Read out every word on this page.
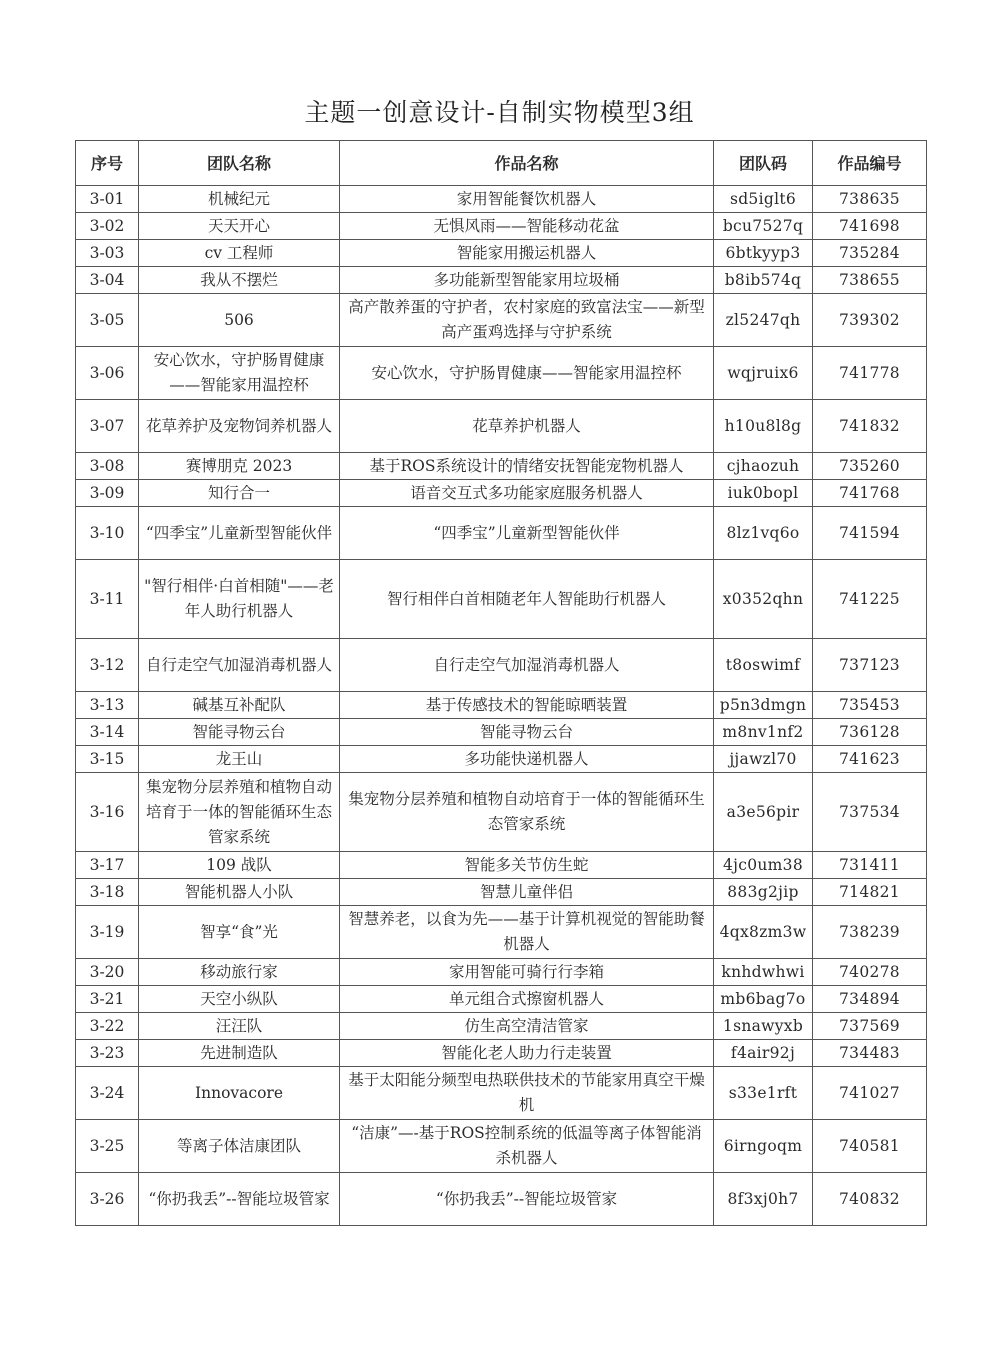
主题一创意设计-自制实物模型3组
序号	团队名称	作品名称	团队码	作品编号
3-01	机械纪元	家用智能餐饮机器人	sd5iglt6	738635
3-02	天天开心	无惧风雨——智能移动花盆	bcu7527q	741698
3-03	cv 工程师	智能家用搬运机器人	6btkyyp3	735284
3-04	我从不摆烂	多功能新型智能家用垃圾桶	b8ib574q	738655
3-05	506	高产散养蛋的守护者，农村家庭的致富法宝——新型高产蛋鸡选择与守护系统	zl5247qh	739302
3-06	安心饮水，守护肠胃健康——智能家用温控杯	安心饮水，守护肠胃健康——智能家用温控杯	wqjruix6	741778
3-07	花草养护及宠物饲养机器人	花草养护机器人	h10u8l8g	741832
3-08	赛博朋克 2023	基于ROS系统设计的情绪安抚智能宠物机器人	cjhaozuh	735260
3-09	知行合一	语音交互式多功能家庭服务机器人	iuk0bopl	741768
3-10	“四季宝”儿童新型智能伙伴	“四季宝”儿童新型智能伙伴	8lz1vq6o	741594
3-11	"智行相伴·白首相随"——老年人助行机器人	智行相伴白首相随老年人智能助行机器人	x0352qhn	741225
3-12	自行走空气加湿消毒机器人	自行走空气加湿消毒机器人	t8oswimf	737123
3-13	碱基互补配队	基于传感技术的智能晾晒装置	p5n3dmgn	735453
3-14	智能寻物云台	智能寻物云台	m8nv1nf2	736128
3-15	龙王山	多功能快递机器人	jjawzl70	741623
3-16	集宠物分层养殖和植物自动培育于一体的智能循环生态管家系统	集宠物分层养殖和植物自动培育于一体的智能循环生态管家系统	a3e56pir	737534
3-17	109 战队	智能多关节仿生蛇	4jc0um38	731411
3-18	智能机器人小队	智慧儿童伴侣	883g2jip	714821
3-19	智享“食”光	智慧养老，以食为先——基于计算机视觉的智能助餐机器人	4qx8zm3w	738239
3-20	移动旅行家	家用智能可骑行行李箱	knhdwhwi	740278
3-21	天空小纵队	单元组合式擦窗机器人	mb6bag7o	734894
3-22	汪汪队	仿生高空清洁管家	1snawyxb	737569
3-23	先进制造队	智能化老人助力行走装置	f4air92j	734483
3-24	Innovacore	基于太阳能分频型电热联供技术的节能家用真空干燥机	s33e1rft	741027
3-25	等离子体洁康团队	“洁康”—-基于ROS控制系统的低温等离子体智能消杀机器人	6irngoqm	740581
3-26	“你扔我丢”--智能垃圾管家	“你扔我丢”--智能垃圾管家	8f3xj0h7	740832
